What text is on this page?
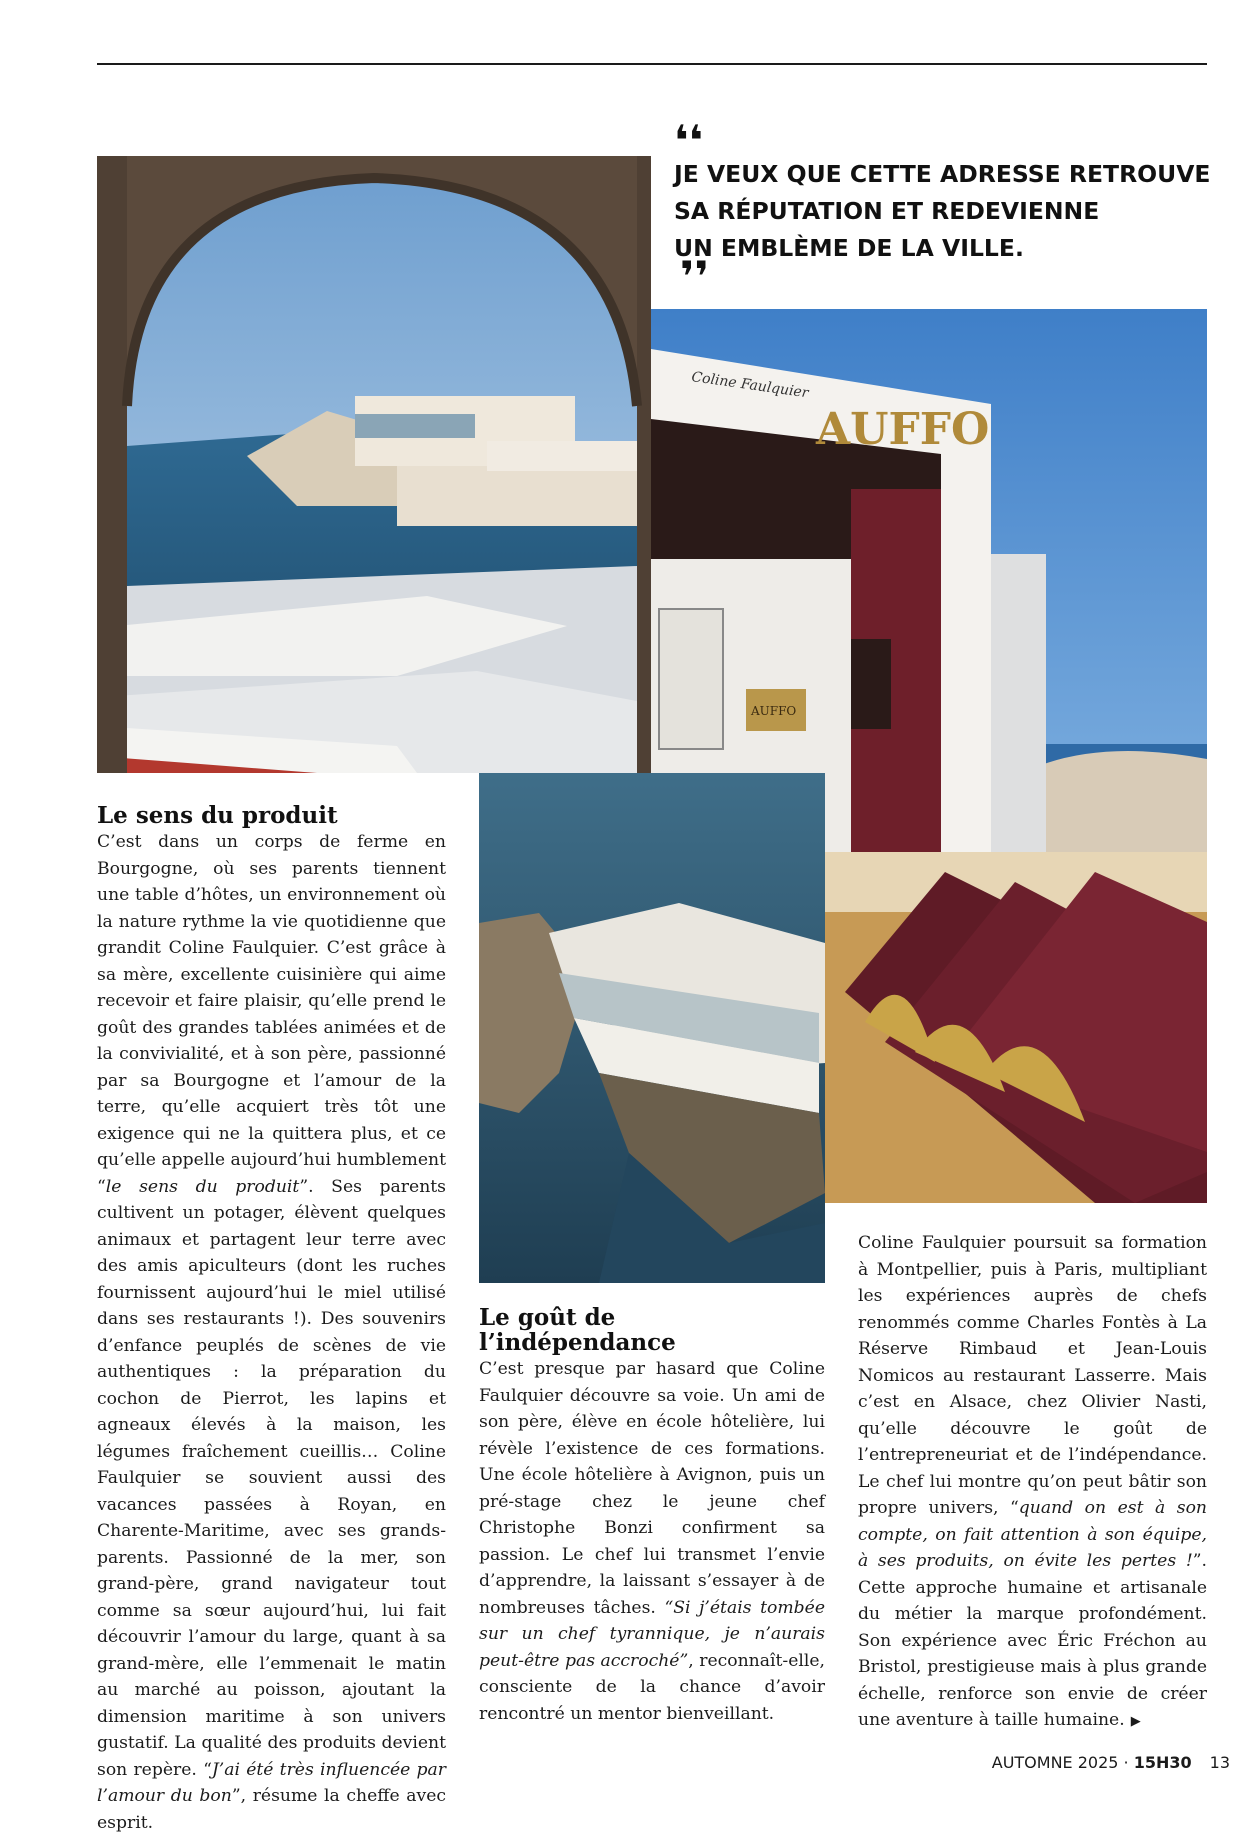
❛❛
JE VEUX QUE CETTE ADRESSE RETROUVE
SA RÉPUTATION ET REDEVIENNE
UN EMBLÈME DE LA VILLE.
❜❜
AUFFO
Coline Faulquier
AUFFO
Le sens du produit

C’est dans un corps de ferme en Bourgogne, où ses parents tiennent une table d’hôtes, un environnement où la nature rythme la vie quotidienne que grandit Coline Faulquier. C’est grâce à sa mère, excellente cuisinière qui aime recevoir et faire plaisir, qu’elle prend le goût des grandes tablées animées et de la convivialité, et à son père, passionné par sa Bourgogne et l’amour de la terre, qu’elle acquiert très tôt une exigence qui ne la quittera plus, et ce qu’elle appelle aujourd’hui humblement “le sens du produit”. Ses parents cultivent un potager, élèvent quelques animaux et partagent leur terre avec des amis apiculteurs (dont les ruches fournissent aujourd’hui le miel utilisé dans ses restaurants !). Des souvenirs d’enfance peuplés de scènes de vie authentiques : la préparation du cochon de Pierrot, les lapins et agneaux élevés à la maison, les légumes fraîchement cueillis… Coline Faulquier se souvient aussi des vacances passées à Royan, en Charente-Maritime, avec ses grands-parents. Passionné de la mer, son grand-père, grand navigateur tout comme sa sœur aujourd’hui, lui fait découvrir l’amour du large, quant à sa grand-mère, elle l’emmenait le matin au marché au poisson, ajoutant la dimension maritime à son univers gustatif. La qualité des produits devient son repère. “J’ai été très influencée par l’amour du bon”, résume la cheffe avec esprit.

Le goût de
l’indépendance

C’est presque par hasard que Coline Faulquier découvre sa voie. Un ami de son père, élève en école hôtelière, lui révèle l’existence de ces formations. Une école hôtelière à Avignon, puis un pré-stage chez le jeune chef Christophe Bonzi confirment sa passion. Le chef lui transmet l’envie d’apprendre, la laissant s’essayer à de nombreuses tâches. “Si j’étais tombée sur un chef tyrannique, je n’aurais peut-être pas accroché”, reconnaît-elle, consciente de la chance d’avoir rencontré un mentor bienveillant.

Coline Faulquier poursuit sa formation à Montpellier, puis à Paris, multipliant les expériences auprès de chefs renommés comme Charles Fontès à La Réserve Rimbaud et Jean-Louis Nomicos au restaurant Lasserre. Mais c’est en Alsace, chez Olivier Nasti, qu’elle découvre le goût de l’entrepreneuriat et de l’indépendance. Le chef lui montre qu’on peut bâtir son propre univers, “quand on est à son compte, on fait attention à son équipe, à ses produits, on évite les pertes !”. Cette approche humaine et artisanale du métier la marque profondément. Son expérience avec Éric Fréchon au Bristol, prestigieuse mais à plus grande échelle, renforce son envie de créer une aventure à taille humaine. ▶

AUTOMNE 2025 · 15H30 13
